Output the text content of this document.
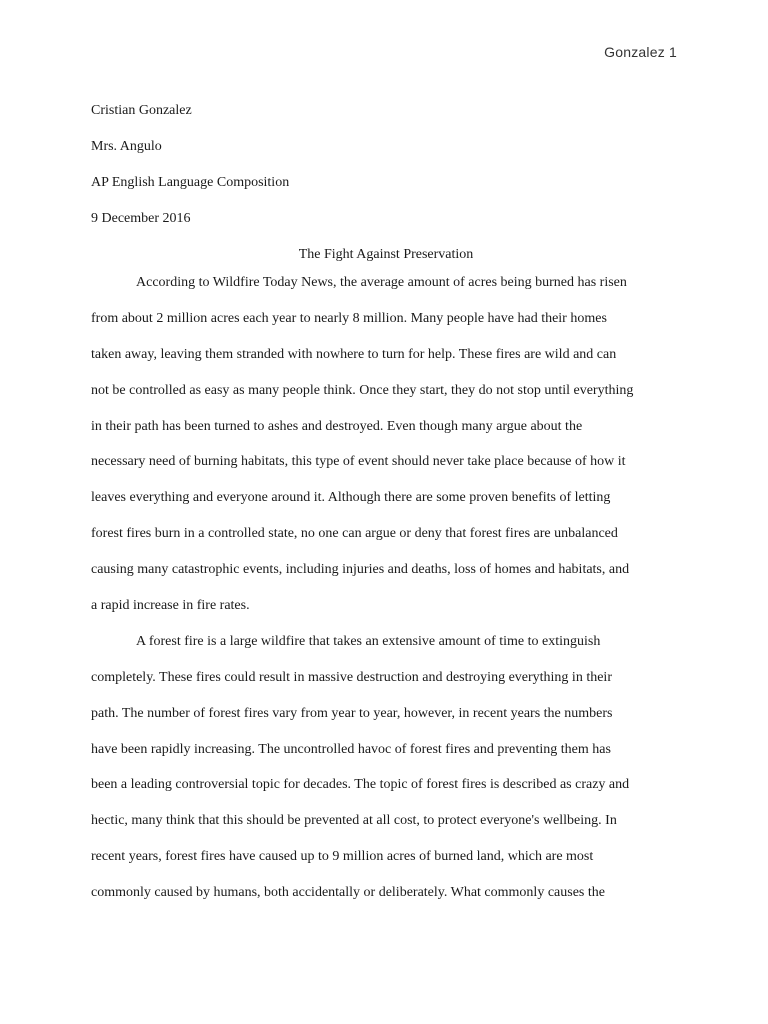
Gonzalez 1
Cristian Gonzalez
Mrs. Angulo
AP English Language Composition
9 December 2016
The Fight Against Preservation
According to Wildfire Today News, the average amount of acres being burned has risen
from about 2 million acres each year to nearly 8 million. Many people have had their homes
taken away, leaving them stranded with nowhere to turn for help. These fires are wild and can
not be controlled as easy as many people think. Once they start, they do not stop until everything
in their path has been turned to ashes and destroyed. Even though many argue about the
necessary need of burning habitats, this type of event should never take place because of how it
leaves everything and everyone around it. Although there are some proven benefits of letting
forest fires burn in a controlled state, no one can argue or deny that forest fires are unbalanced
causing many catastrophic events, including injuries and deaths, loss of homes and habitats, and
a rapid increase in fire rates.
A forest fire is a large wildfire that takes an extensive amount of time to extinguish
completely. These fires could result in massive destruction and destroying everything in their
path. The number of forest fires vary from year to year, however, in recent years the numbers
have been rapidly increasing. The uncontrolled havoc of forest fires and preventing them has
been a leading controversial topic for decades. The topic of forest fires is described as crazy and
hectic, many think that this should be prevented at all cost, to protect everyone's wellbeing. In
recent years, forest fires have caused up to 9 million acres of burned land, which are most
commonly caused by humans, both accidentally or deliberately. What commonly causes the
